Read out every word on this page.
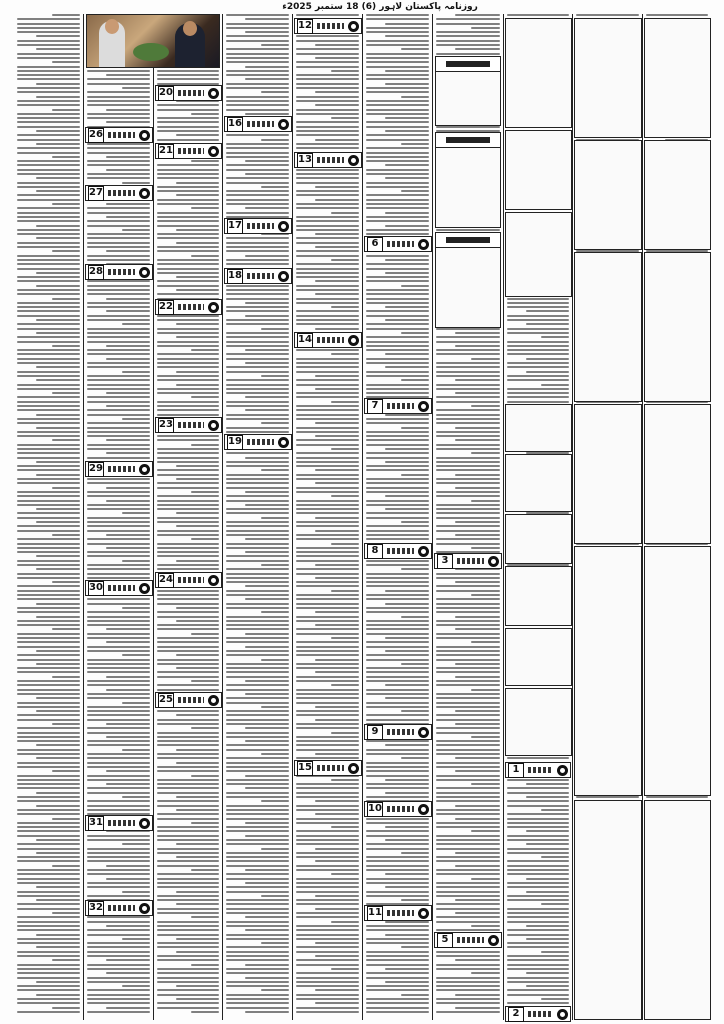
روزنامہ پاکستان لاہور (6) 18 ستمبر 2025ء
1
2
3
5
6
7
8
9
10
11
12
13
14
15
16
17
18
19
20
21
22
23
24
25
26
27
28
29
30
31
32
